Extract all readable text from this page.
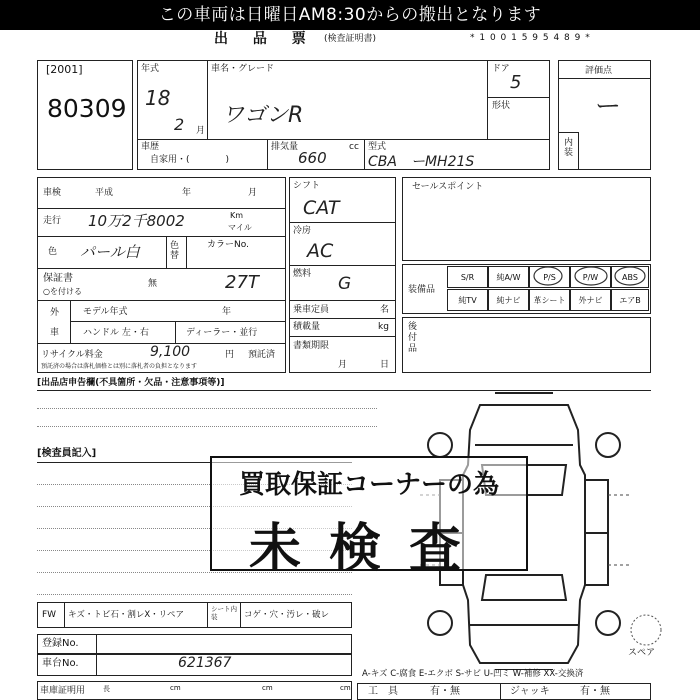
この車両は日曜日AM8:30からの搬出となります
出 品 票 (検査証明書)	* 1 0 0 1 5 9 5 4 8 9 *
[2001]
80309
年式
18
2 月
車名・グレード
ワゴンR
ドア
5
形状
車歴
自家用・(　　　　)
排気量
660
cc 型式
CBA　ーMH21S
評価点
ー
内装
車検	平成	年	月
走行 10万2千8002	Km
マイル
色 パール白	色替
カラーNo.
27T
保証書
○を付ける
無
外
車
モデル年式	年
ハンドル 左・右	ディーラー・並行
リサイクル料金	9,100	円 預託済
預託済の場合は落札価格とは別に落札者の負担となります
シフト
CAT
冷房
AC
燃料 G
乗車定員	名
積載量	kg
書類期限
月	日
セールスポイント
装備品
S/R	純A/W	P/S	P/W	ABS
純TV	純ナビ	革シート	外ナビ	エアB
後付品
[出品店申告欄(不具箇所・欠品・注意事項等)]
[検査員記入]
スペア
買取保証コーナーの為
未検査
FW キズ・トビ石・割レX・リペア
シート内装	コゲ・穴・汚レ・破レ
登録No.
車台No.	621367
車庫証明用	長	cm	cm	cm
A-キズ C-腐食 E-エクボ S-サビ U-凹ミ W-補修 XX-交換済
工　具	有・無	ジャッキ	有・無
